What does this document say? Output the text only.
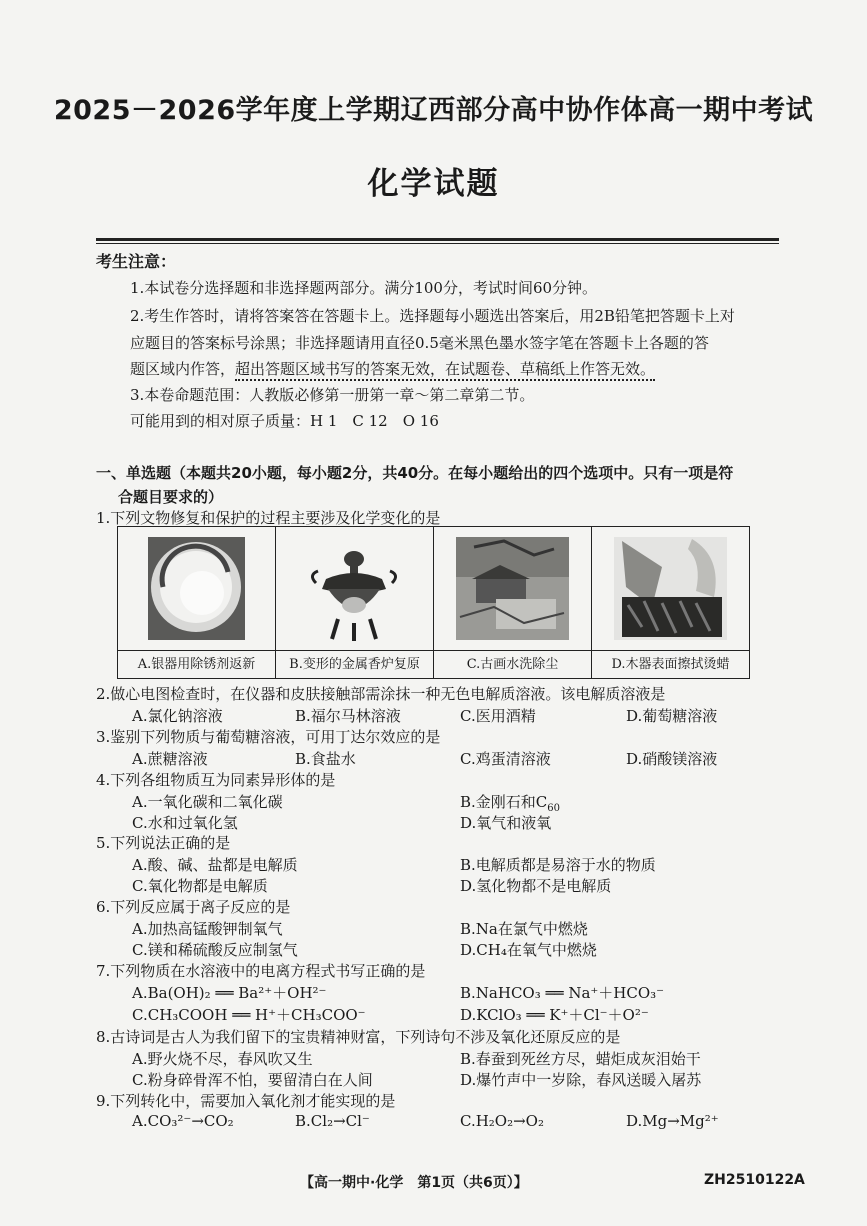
2025－2026学年度上学期辽西部分高中协作体高一期中考试
化学试题
考生注意：
1.本试卷分选择题和非选择题两部分。满分100分，考试时间60分钟。
2.考生作答时，请将答案答在答题卡上。选择题每小题选出答案后，用2B铅笔把答题卡上对
应题目的答案标号涂黑；非选择题请用直径0.5毫米黑色墨水签字笔在答题卡上各题的答
题区域内作答，超出答题区域书写的答案无效，在试题卷、草稿纸上作答无效。
3.本卷命题范围：人教版必修第一册第一章～第二章第二节。
可能用到的相对原子质量：H 1　C 12　O 16
一、单选题（本题共20小题，每小题2分，共40分。在每小题给出的四个选项中。只有一项是符
合题目要求的）
1.下列文物修复和保护的过程主要涉及化学变化的是
A.银器用除锈剂返新	B.变形的金属香炉复原	C.古画水洗除尘	D.木器表面擦拭烫蜡
2.做心电图检查时，在仪器和皮肤接触部需涂抹一种无色电解质溶液。该电解质溶液是
A.氯化钠溶液	B.福尔马林溶液	C.医用酒精	D.葡萄糖溶液
3.鉴别下列物质与葡萄糖溶液，可用丁达尔效应的是
A.蔗糖溶液	B.食盐水	C.鸡蛋清溶液	D.硝酸镁溶液
4.下列各组物质互为同素异形体的是
A.一氧化碳和二氧化碳	B.金刚石和$C_{60}$
C.水和过氧化氢	D.氧气和液氧
5.下列说法正确的是
A.酸、碱、盐都是电解质	B.电解质都是易溶于水的物质
C.氧化物都是电解质	D.氢化物都不是电解质
6.下列反应属于离子反应的是
A.加热高锰酸钾制氧气	B.Na在氯气中燃烧
C.镁和稀硫酸反应制氢气	D.CH₄在氧气中燃烧
7.下列物质在水溶液中的电离方程式书写正确的是
A.Ba(OH)₂ ══ Ba²⁺＋OH²⁻	B.NaHCO₃ ══ Na⁺＋HCO₃⁻
C.CH₃COOH ══ H⁺＋CH₃COO⁻	D.KClO₃ ══ K⁺＋Cl⁻＋O²⁻
8.古诗词是古人为我们留下的宝贵精神财富，下列诗句不涉及氧化还原反应的是
A.野火烧不尽，春风吹又生	B.春蚕到死丝方尽，蜡炬成灰泪始干
C.粉身碎骨浑不怕，要留清白在人间	D.爆竹声中一岁除，春风送暖入屠苏
9.下列转化中，需要加入氧化剂才能实现的是
A.CO₃²⁻→CO₂	B.Cl₂→Cl⁻	C.H₂O₂→O₂	D.Mg→Mg²⁺
【高一期中·化学　第1页（共6页）】	ZH2510122A
